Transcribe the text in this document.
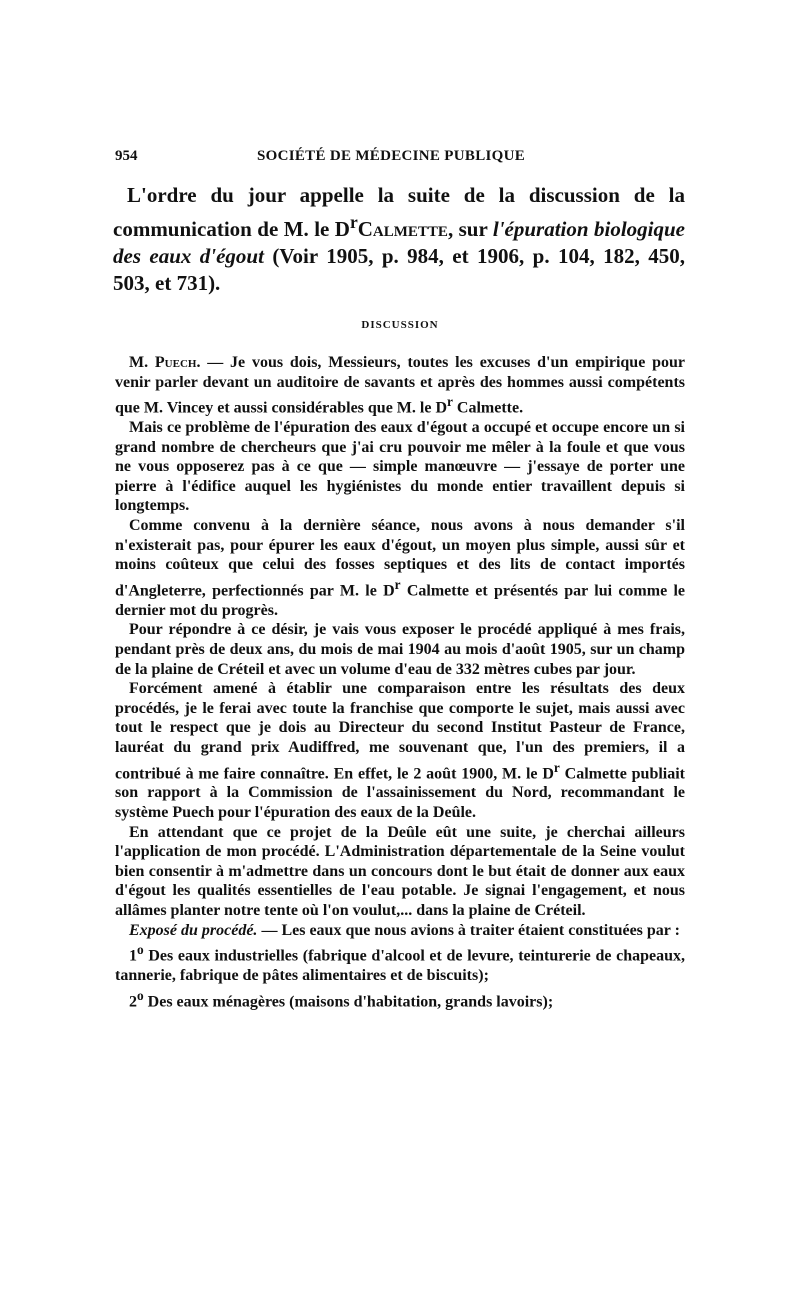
954	SOCIÉTÉ DE MÉDECINE PUBLIQUE

L'ordre du jour appelle la suite de la discussion de la communication de M. le $D^rCalmette$, sur l'épuration biologique des eaux d'égout (Voir 1905, p. 984, et 1906, p. 104, 182, 450, 503, et 731).

DISCUSSION

M. Puech. — Je vous dois, Messieurs, toutes les excuses d'un empirique pour venir parler devant un auditoire de savants et après des hommes aussi compétents que M. Vincey et aussi considérables que M. le $D^r$ Calmette.

Mais ce problème de l'épuration des eaux d'égout a occupé et occupe encore un si grand nombre de chercheurs que j'ai cru pouvoir me mêler à la foule et que vous ne vous opposerez pas à ce que — simple manœuvre — j'essaye de porter une pierre à l'édifice auquel les hygiénistes du monde entier travaillent depuis si longtemps.

Comme convenu à la dernière séance, nous avons à nous demander s'il n'existerait pas, pour épurer les eaux d'égout, un moyen plus simple, aussi sûr et moins coûteux que celui des fosses septiques et des lits de contact importés d'Angleterre, perfectionnés par M. le $D^r$ Calmette et présentés par lui comme le dernier mot du progrès.

Pour répondre à ce désir, je vais vous exposer le procédé appliqué à mes frais, pendant près de deux ans, du mois de mai 1904 au mois d'août 1905, sur un champ de la plaine de Créteil et avec un volume d'eau de 332 mètres cubes par jour.

Forcément amené à établir une comparaison entre les résultats des deux procédés, je le ferai avec toute la franchise que comporte le sujet, mais aussi avec tout le respect que je dois au Directeur du second Institut Pasteur de France, lauréat du grand prix Audiffred, me souvenant que, l'un des premiers, il a contribué à me faire connaître. En effet, le 2 août 1900, M. le $D^r$ Calmette publiait son rapport à la Commission de l'assainissement du Nord, recommandant le système Puech pour l'épuration des eaux de la Deûle.

En attendant que ce projet de la Deûle eût une suite, je cherchai ailleurs l'application de mon procédé. L'Administration départementale de la Seine voulut bien consentir à m'admettre dans un concours dont le but était de donner aux eaux d'égout les qualités essentielles de l'eau potable. Je signai l'engagement, et nous allâmes planter notre tente où l'on voulut,... dans la plaine de Créteil.

Exposé du procédé. — Les eaux que nous avions à traiter étaient constituées par :

1$^o$ Des eaux industrielles (fabrique d'alcool et de levure, teinturerie de chapeaux, tannerie, fabrique de pâtes alimentaires et de biscuits);

2$^o$ Des eaux ménagères (maisons d'habitation, grands lavoirs);
